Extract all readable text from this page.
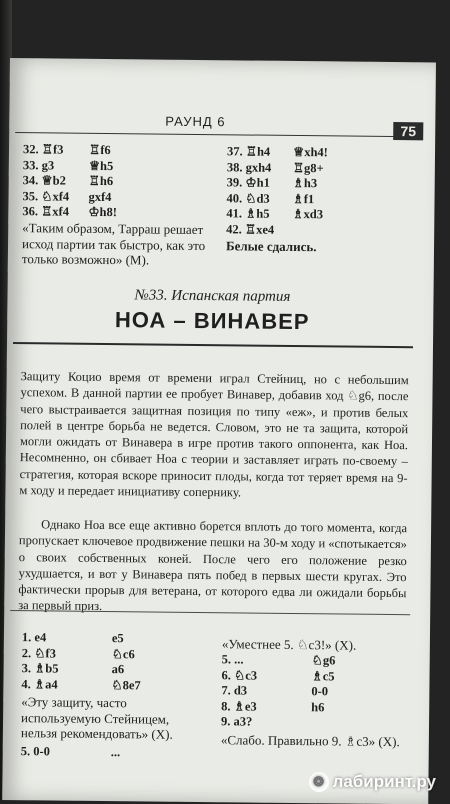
РАУНД 6
75
32. ♖f3	♖f6
33. g3	♕h5
34. ♕b2	♖h6
35. ♘xf4	gxf4
36. ♖xf4	♔h8!
«Таким образом, Тарраш решает исход партии так быстро, как это только возможно» (М).
37. ♖h4	♕xh4!
38. gxh4	♖g8+
39. ♔h1	♗h3
40. ♘d3	♗f1
41. ♗h5	♗xd3
42. ♖xe4
Белые сдались.
№33. Испанская партия
НОА – ВИНАВЕР

Защиту Коцио время от времени играл Стейниц, но с небольшим успехом. В данной партии ее пробует Винавер, добавив ход ♘g6, после чего выстраивается защитная позиция по типу «еж», и против белых полей в центре борьба не ведется. Словом, это не та защита, которой могли ожидать от Винавера в игре против такого оппонента, как Ноа. Несомненно, он сбивает Ноа с теории и заставляет играть по-своему – стратегия, которая вскоре приносит плоды, когда тот теряет время на 9-м ходу и передает инициативу сопернику.

Однако Ноа все еще активно борется вплоть до того момента, когда пропускает ключевое продвижение пешки на 30-м ходу и «спотыкается» о своих собственных коней. После чего его положение резко ухудшается, и вот у Винавера пять побед в первых шести кругах. Это фактически прорыв для ветерана, от которого едва ли ожидали борьбы за первый приз.

1. e4	e5
2. ♘f3	♘c6
3. ♗b5	a6
4. ♗a4	♘8e7
«Эту защиту, часто используемую Стейницем, нельзя рекомендовать» (Х).
5. 0-0	...
«Уместнее 5. ♘c3!» (Х).
5. ...	♘g6
6. ♘c3	♗c5
7. d3	0-0
8. ♗e3	h6
9. a3?
«Слабо. Правильно 9. ♗c3» (Х).
❂ лабиринт.ру
